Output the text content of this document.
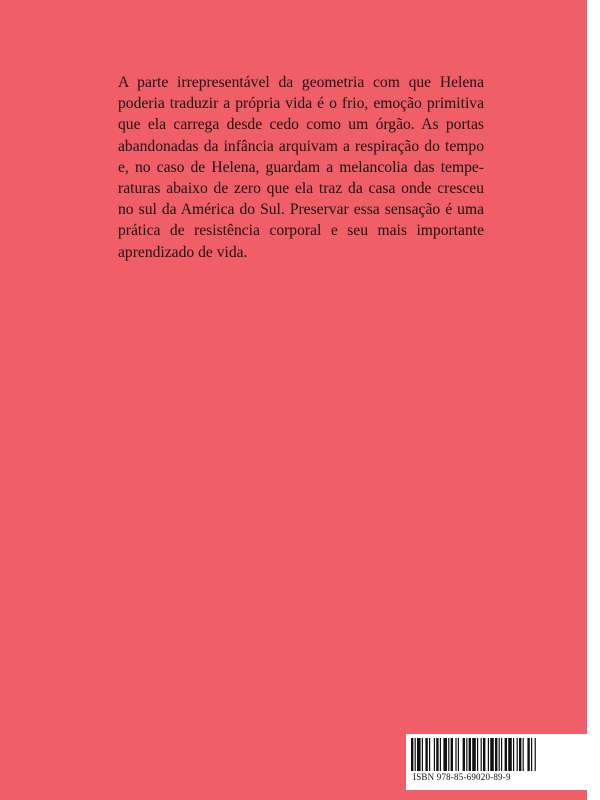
A parte irrepresentável da geometria com que Helena
poderia traduzir a própria vida é o frio, emoção primitiva
que ela carrega desde cedo como um órgão. As portas
abandonadas da infância arquivam a respiração do tempo
e, no caso de Helena, guardam a melancolia das tempe-
raturas abaixo de zero que ela traz da casa onde cresceu
no sul da América do Sul. Preservar essa sensação é uma
prática de resistência corporal e seu mais importante
aprendizado de vida.

ISBN 978-85-69020-89-9
